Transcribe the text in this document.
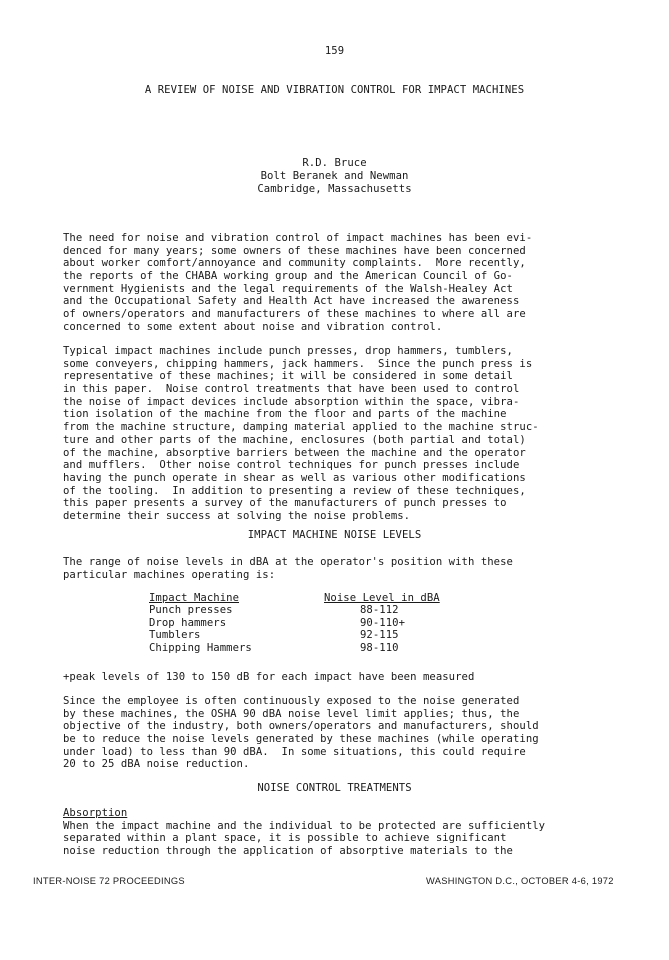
159
A REVIEW OF NOISE AND VIBRATION CONTROL FOR IMPACT MACHINES
R.D. Bruce
Bolt Beranek and Newman
Cambridge, Massachusetts
The need for noise and vibration control of impact machines has been evi-
denced for many years; some owners of these machines have been concerned
about worker comfort/annoyance and community complaints.  More recently,
the reports of the CHABA working group and the American Council of Go-
vernment Hygienists and the legal requirements of the Walsh-Healey Act
and the Occupational Safety and Health Act have increased the awareness
of owners/operators and manufacturers of these machines to where all are
concerned to some extent about noise and vibration control.
Typical impact machines include punch presses, drop hammers, tumblers,
some conveyers, chipping hammers, jack hammers.  Since the punch press is
representative of these machines; it will be considered in some detail
in this paper.  Noise control treatments that have been used to control
the noise of impact devices include absorption within the space, vibra-
tion isolation of the machine from the floor and parts of the machine
from the machine structure, damping material applied to the machine struc-
ture and other parts of the machine, enclosures (both partial and total)
of the machine, absorptive barriers between the machine and the operator
and mufflers.  Other noise control techniques for punch presses include
having the punch operate in shear as well as various other modifications
of the tooling.  In addition to presenting a review of these techniques,
this paper presents a survey of the manufacturers of punch presses to
determine their success at solving the noise problems.
IMPACT MACHINE NOISE LEVELS
The range of noise levels in dBA at the operator's position with these
particular machines operating is:
Impact Machine	Noise Level in dBA
Punch presses	88-112
Drop hammers	90-110+
Tumblers	92-115
Chipping Hammers	98-110
+peak levels of 130 to 150 dB for each impact have been measured
Since the employee is often continuously exposed to the noise generated
by these machines, the OSHA 90 dBA noise level limit applies; thus, the
objective of the industry, both owners/operators and manufacturers, should
be to reduce the noise levels generated by these machines (while operating
under load) to less than 90 dBA.  In some situations, this could require
20 to 25 dBA noise reduction.
NOISE CONTROL TREATMENTS
Absorption
When the impact machine and the individual to be protected are sufficiently
separated within a plant space, it is possible to achieve significant
noise reduction through the application of absorptive materials to the
INTER-NOISE 72 PROCEEDINGS	WASHINGTON D.C., OCTOBER 4-6, 1972
